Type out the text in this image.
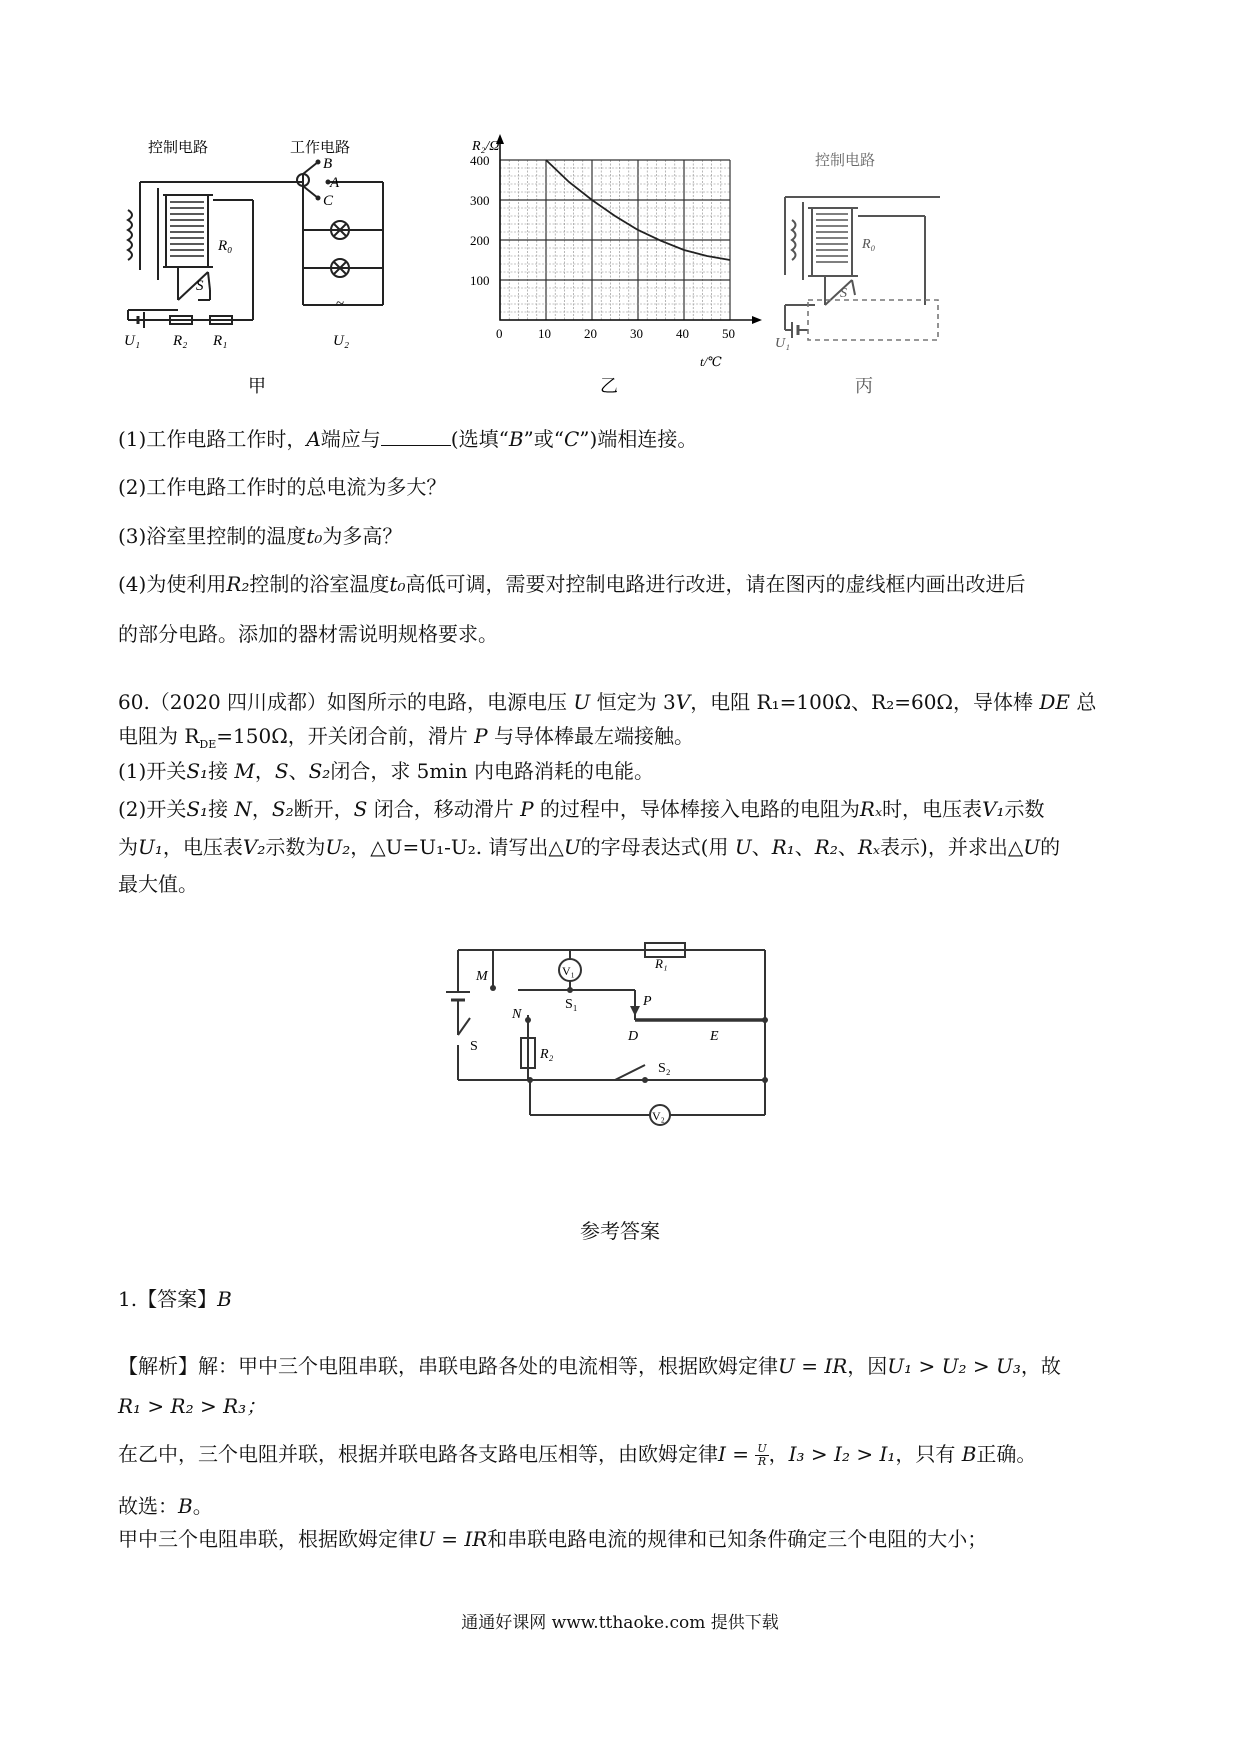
控制电路	工作电路
B
A
C
R₀
S
U₁ R₂ R₁
~
U₂
甲
0	10	20	30	40	50
100
200
300
400
R₂/Ω
t/℃
乙
控制电路
R₀
S
U₁
丙
(1)工作电路工作时，A端应与	(选填“B”或“C”)端相连接。
(2)工作电路工作时的总电流为多大？
(3)浴室里控制的温度t₀为多高？
(4)为使利用R₂控制的浴室温度t₀高低可调，需要对控制电路进行改进，请在图丙的虚线框内画出改进后
的部分电路。添加的器材需说明规格要求。
60.（2020 四川成都）如图所示的电路，电源电压 U 恒定为 3V，电阻 R₁=100Ω、R₂=60Ω，导体棒 DE 总
电阻为 $R_{DE}=150\Omega$，开关闭合前，滑片 P 与导体棒最左端接触。
(1)开关S₁接 M，S、S₂闭合，求 5min 内电路消耗的电能。
(2)开关S₁接 N，S₂断开，S 闭合，移动滑片 P 的过程中，导体棒接入电路的电阻为Rₓ时，电压表V₁示数
为U₁，电压表V₂示数为U₂，△U=U₁-U₂. 请写出△U的字母表达式(用 U、R₁、R₂、Rₓ表示)，并求出△U的
最大值。
M	V₁	R₁
S₁	P
N
R₂
D	E
S
S₂
V₂
参考答案
1.【答案】B
【解析】解：甲中三个电阻串联，串联电路各处的电流相等，根据欧姆定律U = IR，因U₁ > U₂ > U₃，故
R₁ > R₂ > R₃；
在乙中，三个电阻并联，根据并联电路各支路电压相等，由欧姆定律$I = \frac{U}{R}$ ，I₃ > I₂ > I₁，只有 B正确。
故选：B。
甲中三个电阻串联，根据欧姆定律U = IR和串联电路电流的规律和已知条件确定三个电阻的大小；
通通好课网 www.tthaoke.com 提供下载
